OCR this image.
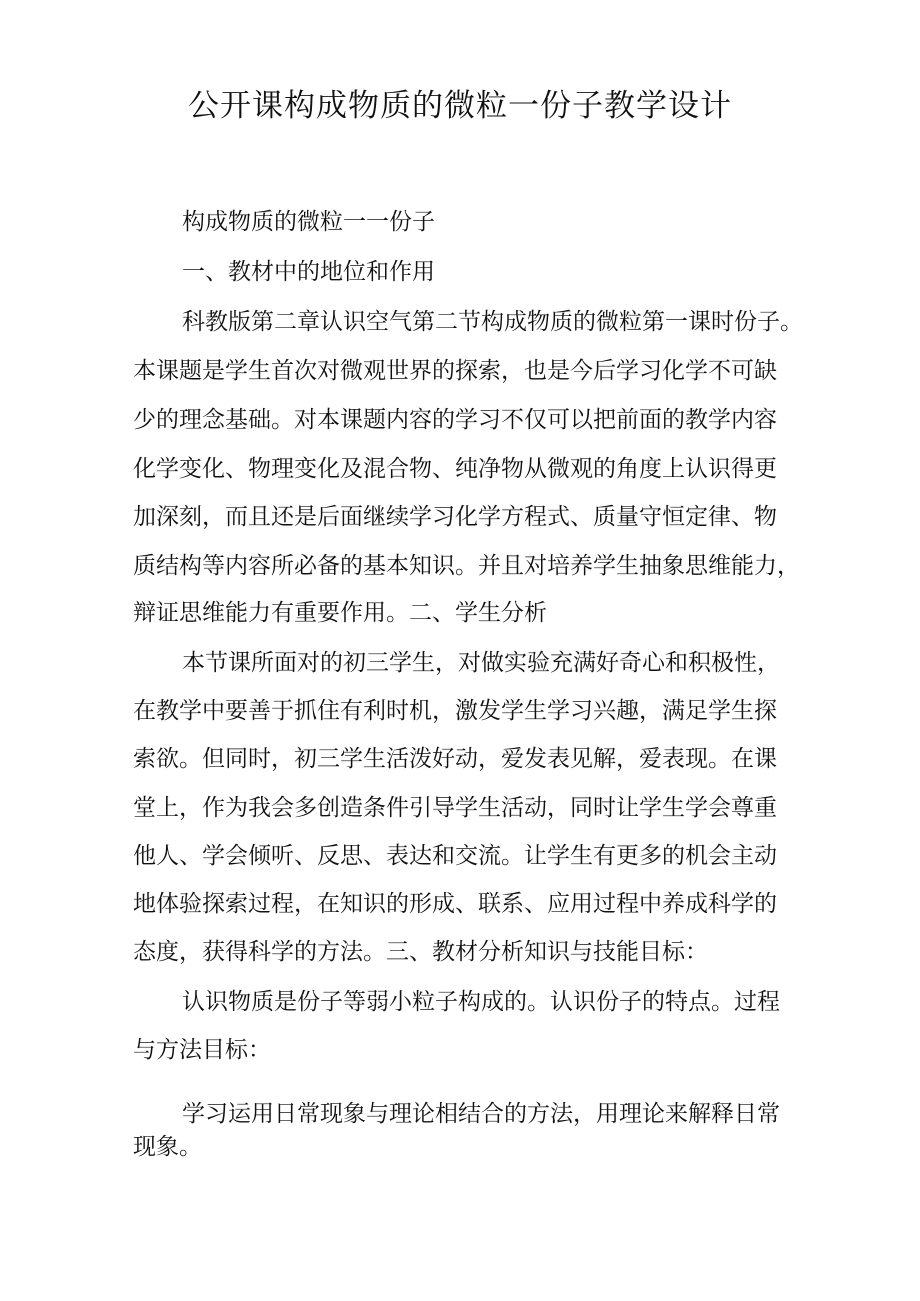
公开课构成物质的微粒一份子教学设计

构成物质的微粒一一份子

一、教材中的地位和作用

科教版第二章认识空气第二节构成物质的微粒第一课时份子。

本课题是学生首次对微观世界的探索，也是今后学习化学不可缺

少的理念基础。对本课题内容的学习不仅可以把前面的教学内容

化学变化、物理变化及混合物、纯净物从微观的角度上认识得更

加深刻，而且还是后面继续学习化学方程式、质量守恒定律、物

质结构等内容所必备的基本知识。并且对培养学生抽象思维能力，

辩证思维能力有重要作用。二、学生分析

本节课所面对的初三学生，对做实验充满好奇心和积极性，

在教学中要善于抓住有利时机，激发学生学习兴趣，满足学生探

索欲。但同时，初三学生活泼好动，爱发表见解，爱表现。在课

堂上，作为我会多创造条件引导学生活动，同时让学生学会尊重

他人、学会倾听、反思、表达和交流。让学生有更多的机会主动

地体验探索过程，在知识的形成、联系、应用过程中养成科学的

态度，获得科学的方法。三、教材分析知识与技能目标：

认识物质是份子等弱小粒子构成的。认识份子的特点。过程

与方法目标：

学习运用日常现象与理论相结合的方法，用理论来解释日常

现象。
